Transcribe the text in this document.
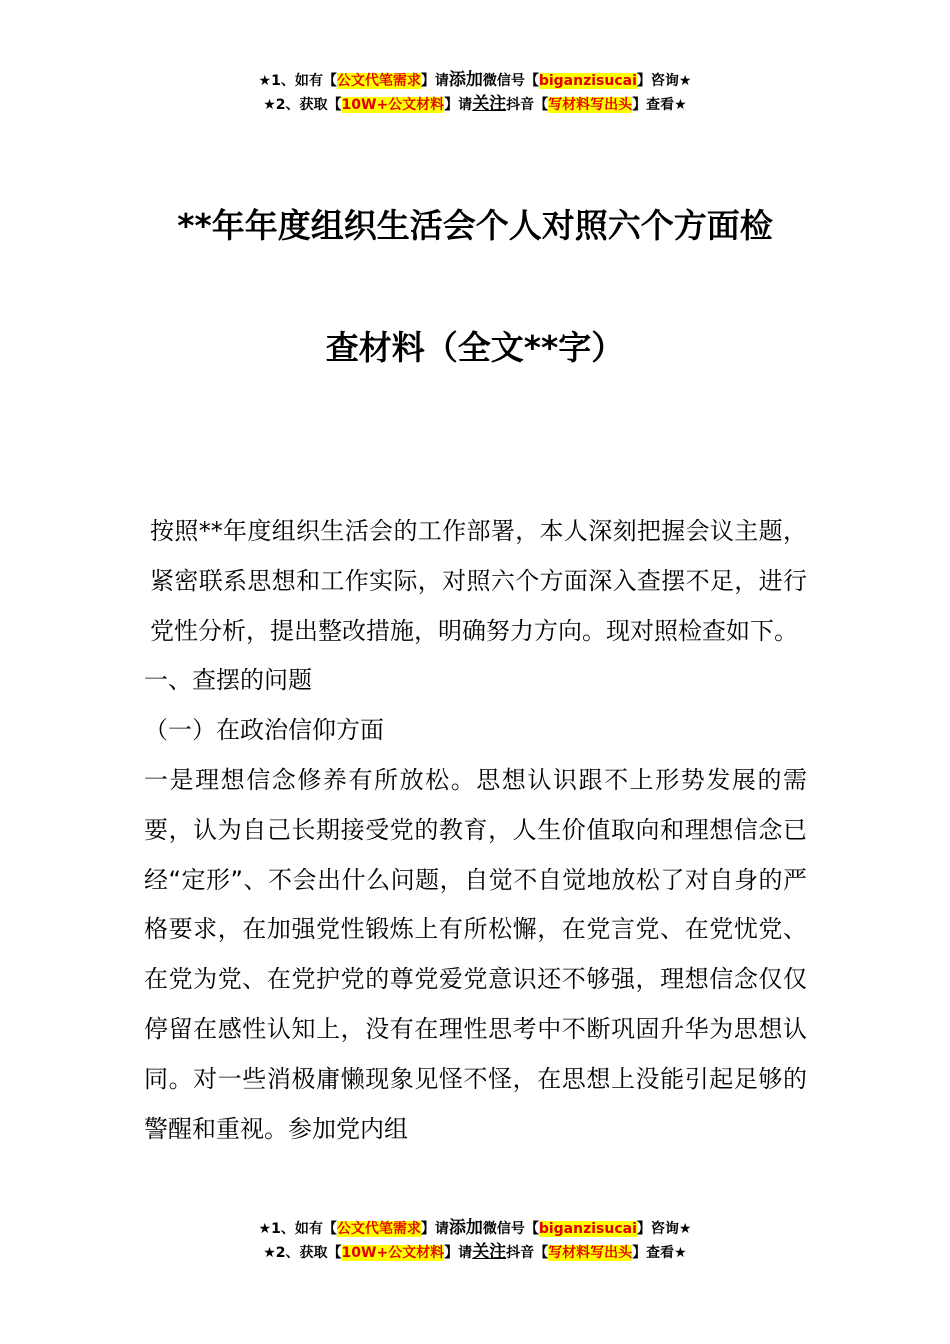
★1、如有【公文代笔需求】请添加微信号【biganzisucai】咨询★
★2、获取【10W+公文材料】请关注抖音【写材料写出头】查看★
**年年度组织生活会个人对照六个方面检
查材料（全文**字）

按照**年度组织生活会的工作部署，本人深刻把握会议主题，紧密联系思想和工作实际，对照六个方面深入查摆不足，进行党性分析，提出整改措施，明确努力方向。现对照检查如下。

一、查摆的问题

（一）在政治信仰方面

一是理想信念修养有所放松。思想认识跟不上形势发展的需要，认为自己长期接受党的教育，人生价值取向和理想信念已经“定形”、不会出什么问题，自觉不自觉地放松了对自身的严格要求，在加强党性锻炼上有所松懈，在党言党、在党忧党、在党为党、在党护党的尊党爱党意识还不够强，理想信念仅仅停留在感性认知上，没有在理性思考中不断巩固升华为思想认同。对一些消极庸懒现象见怪不怪，在思想上没能引起足够的警醒和重视。参加党内组

★1、如有【公文代笔需求】请添加微信号【biganzisucai】咨询★
★2、获取【10W+公文材料】请关注抖音【写材料写出头】查看★
